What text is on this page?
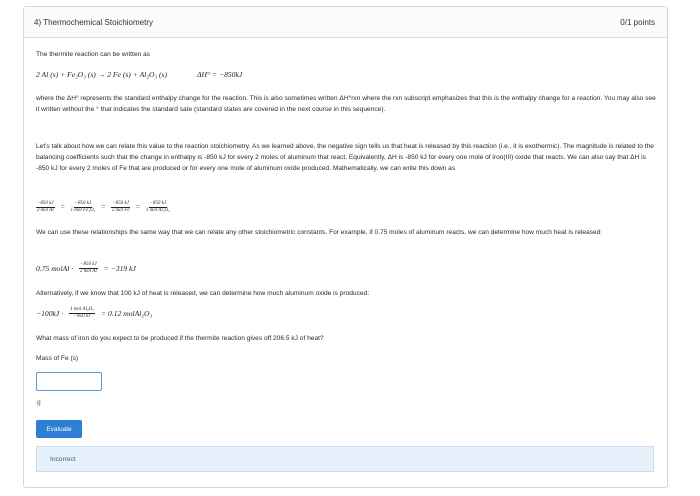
4) Thermochemical Stoichiometry	0/1 points
The thermite reaction can be written as
2 Al (s) + Fe₂O₃ (s) → 2 Fe (s) + Al₂O₃ (s)	ΔH° = −850kJ
where the ΔH° represents the standard enthalpy change for the reaction. This is also sometimes written ΔH°rxn where the rxn subscript emphasizes that this is the enthalpy change for a reaction. You may also see it written without the ° that indicates the standard sate (standard states are covered in the next course in this sequence).
Let's talk about how we can relate this value to the reaction stoichiometry. As we learned above, the negative sign tells us that heat is released by this reaction (i.e., it is exothermic). The magnitude is related to the balancing coefficients such that the change in enthalpy is -850 kJ for every 2 moles of aluminum that react. Equivalently, ΔH is -850 kJ for every one mole of iron(III) oxide that reacts. We can also say that ΔH is -850 kJ for every 2 moles of Fe that are produced or for every one mole of aluminum oxide produced. Mathematically, we can write this down as
$\frac{-850 kJ}{\text{2 mol Al}} = \frac{-850 kJ}{\text{1 mol Fe₂O₃}} = \frac{-850 kJ}{\text{2 mol Fe}} = \frac{-850 kJ}{\text{1 mol Al₂O₃}}$
We can use these relationships the same way that we can relate any other stoichiometric constants. For example, if 0.75 moles of aluminum reacts, we can determine how much heat is released:
0.75 molAl · $\frac{-850 kJ}{\text{2 mol Al}} = -319$ kJ
Alternatively, if we know that 100 kJ of heat is released, we can determine how much aluminum oxide is produced:
$-100kJ \cdot \frac{\text{1 mol Al₂O₃}}{-850 kJ} = 0.12$ molAl₂O₃
What mass of iron do you expect to be produced if the thermite reaction gives off 206.5 kJ of heat?
Mass of Fe (s)
g
Evaluate
Incorrect
